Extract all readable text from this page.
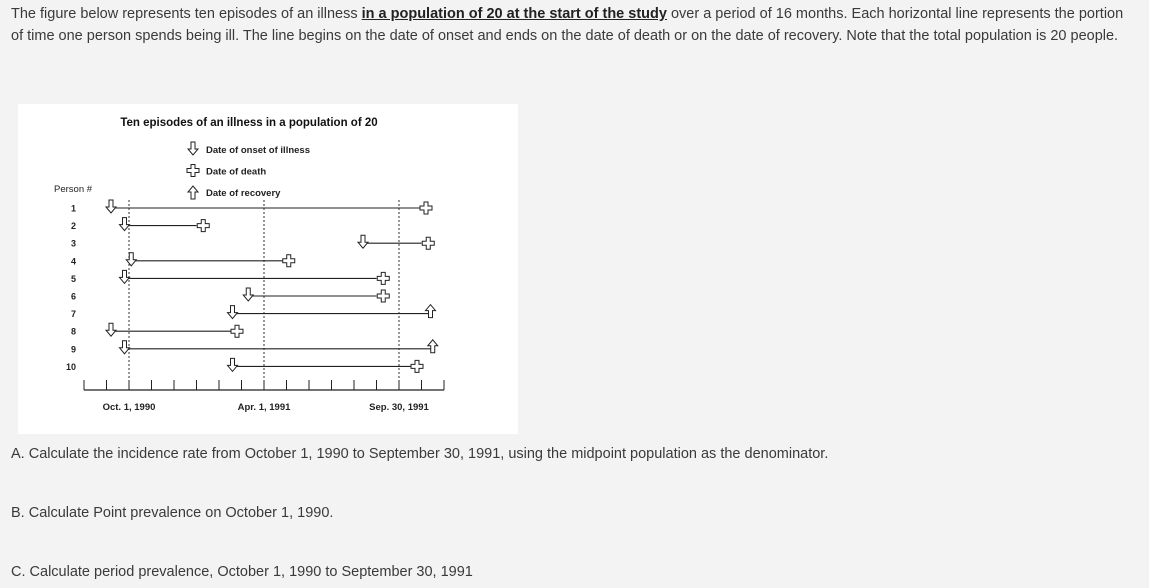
The figure below represents ten episodes of an illness in a population of 20 at the start of the study over a period of 16 months. Each horizontal line represents the portion of time one person spends being ill. The line begins on the date of onset and ends on the date of death or on the date of recovery. Note that the total population is 20 people.
Ten episodes of an illness in a population of 20
Date of onset of illness
Date of death
Date of recovery
Person #
1
2
3
4
5
6
7
8
9
10
Oct. 1, 1990	Apr. 1, 1991	Sep. 30, 1991
A. Calculate the incidence rate from October 1, 1990 to September 30, 1991, using the midpoint population as the denominator.
B. Calculate Point prevalence on October 1, 1990.
C. Calculate period prevalence, October 1, 1990 to September 30, 1991
